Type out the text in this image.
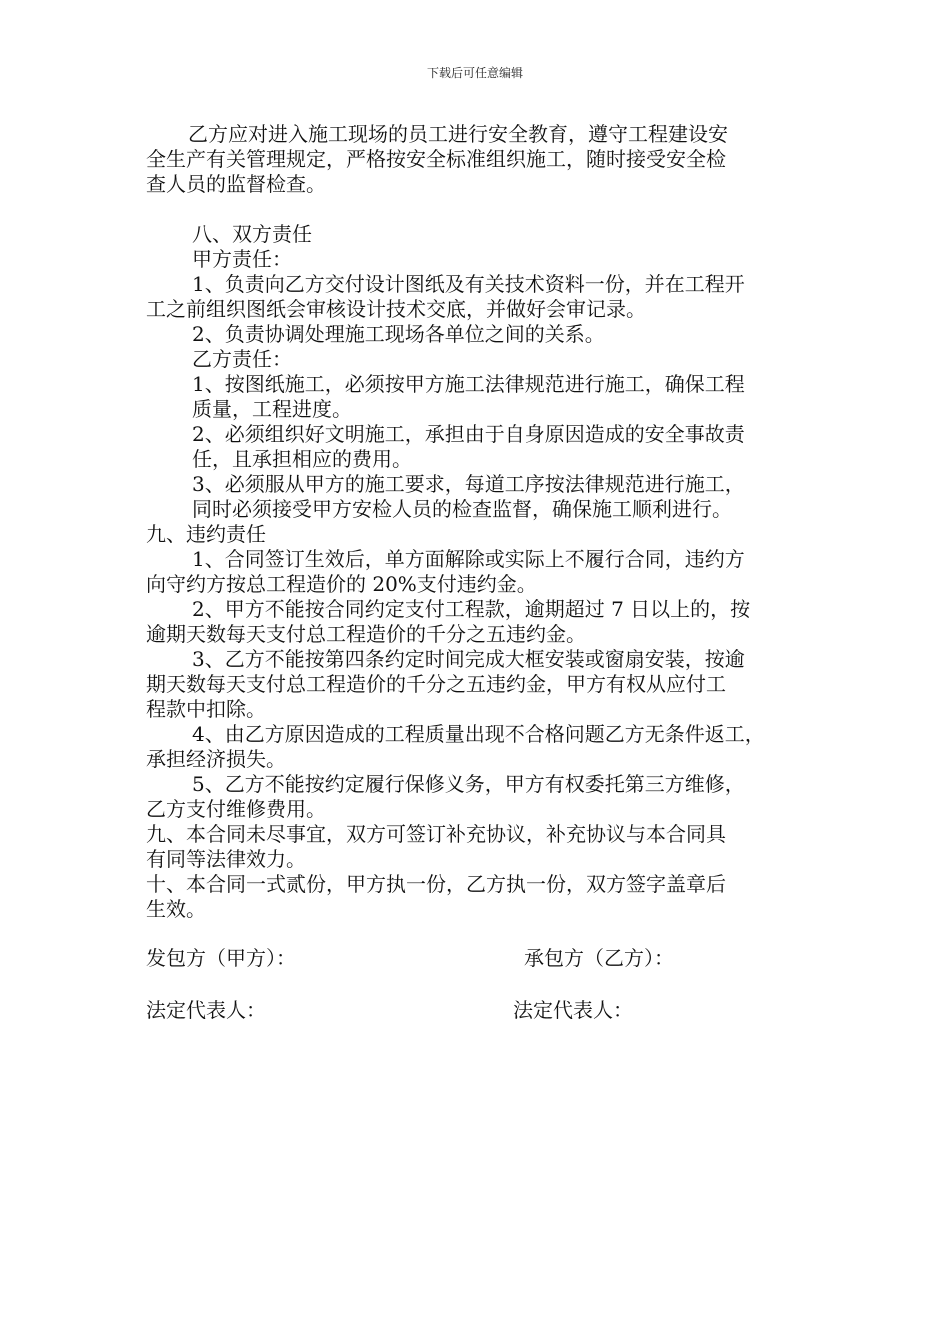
下载后可任意编辑
乙方应对进入施工现场的员工进行安全教育，遵守工程建设安
全生产有关管理规定，严格按安全标准组织施工，随时接受安全检
查人员的监督检查。
八、双方责任
甲方责任：
1、负责向乙方交付设计图纸及有关技术资料一份，并在工程开
工之前组织图纸会审核设计技术交底，并做好会审记录。
2、负责协调处理施工现场各单位之间的关系。
乙方责任：
1、按图纸施工，必须按甲方施工法律规范进行施工，确保工程
质量，工程进度。
2、必须组织好文明施工，承担由于自身原因造成的安全事故责
任，且承担相应的费用。
3、必须服从甲方的施工要求，每道工序按法律规范进行施工，
同时必须接受甲方安检人员的检查监督，确保施工顺利进行。
九、违约责任
1、合同签订生效后，单方面解除或实际上不履行合同，违约方
向守约方按总工程造价的 20%支付违约金。
2、甲方不能按合同约定支付工程款，逾期超过 7 日以上的，按
逾期天数每天支付总工程造价的千分之五违约金。
3、乙方不能按第四条约定时间完成大框安装或窗扇安装，按逾
期天数每天支付总工程造价的千分之五违约金，甲方有权从应付工
程款中扣除。
4、由乙方原因造成的工程质量出现不合格问题乙方无条件返工，
承担经济损失。
5、乙方不能按约定履行保修义务，甲方有权委托第三方维修，
乙方支付维修费用。
九、本合同未尽事宜，双方可签订补充协议，补充协议与本合同具
有同等法律效力。
十、本合同一式贰份，甲方执一份，乙方执一份，双方签字盖章后
生效。
发包方（甲方）：	承包方（乙方）：
法定代表人：	法定代表人：
